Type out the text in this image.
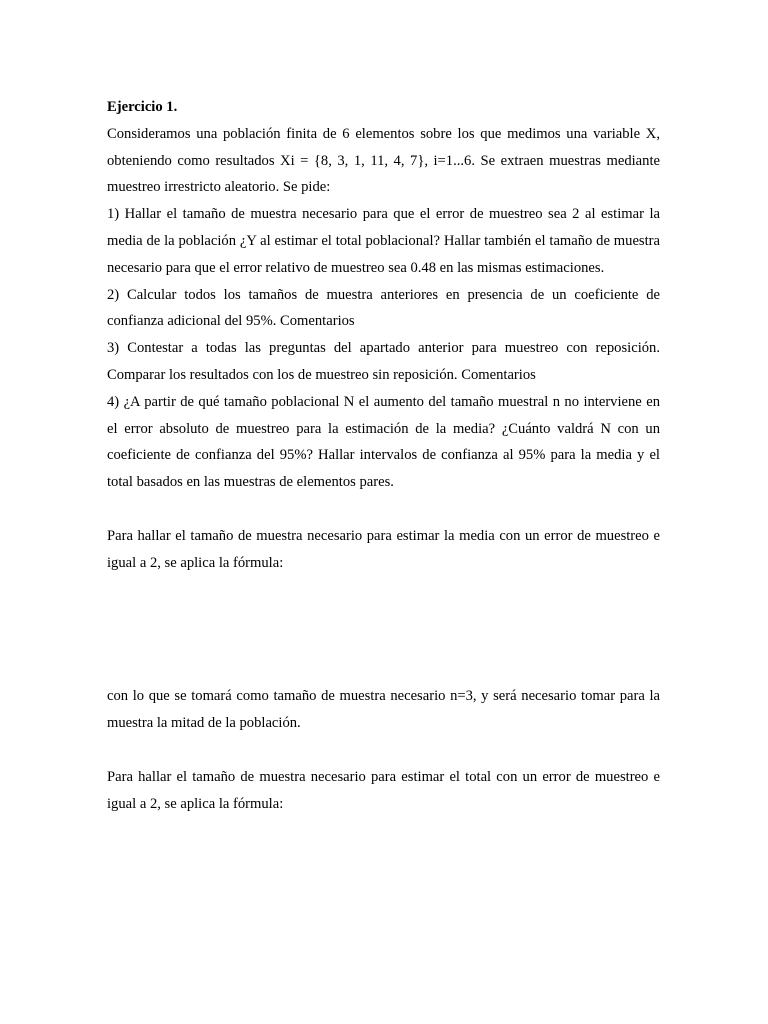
Ejercicio 1.

Consideramos una población finita de 6 elementos sobre los que medimos una variable X, obteniendo como resultados Xi = {8, 3, 1, 11, 4, 7}, i=1...6. Se extraen muestras mediante muestreo irrestricto aleatorio. Se pide:

1) Hallar el tamaño de muestra necesario para que el error de muestreo sea 2 al estimar la media de la población ¿Y al estimar el total poblacional? Hallar también el tamaño de muestra necesario para que el error relativo de muestreo sea 0.48 en las mismas estimaciones.

2) Calcular todos los tamaños de muestra anteriores en presencia de un coeficiente de confianza adicional del 95%. Comentarios

3) Contestar a todas las preguntas del apartado anterior para muestreo con reposición. Comparar los resultados con los de muestreo sin reposición. Comentarios

4) ¿A partir de qué tamaño poblacional N el aumento del tamaño muestral n no interviene en el error absoluto de muestreo para la estimación de la media? ¿Cuánto valdrá N con un coeficiente de confianza del 95%? Hallar intervalos de confianza al 95% para la media y el total basados en las muestras de elementos pares.

Para hallar el tamaño de muestra necesario para estimar la media con un error de muestreo e igual a 2, se aplica la fórmula:

con lo que se tomará como tamaño de muestra necesario n=3, y será necesario tomar para la muestra la mitad de la población.

Para hallar el tamaño de muestra necesario para estimar el total con un error de muestreo e igual a 2, se aplica la fórmula:
